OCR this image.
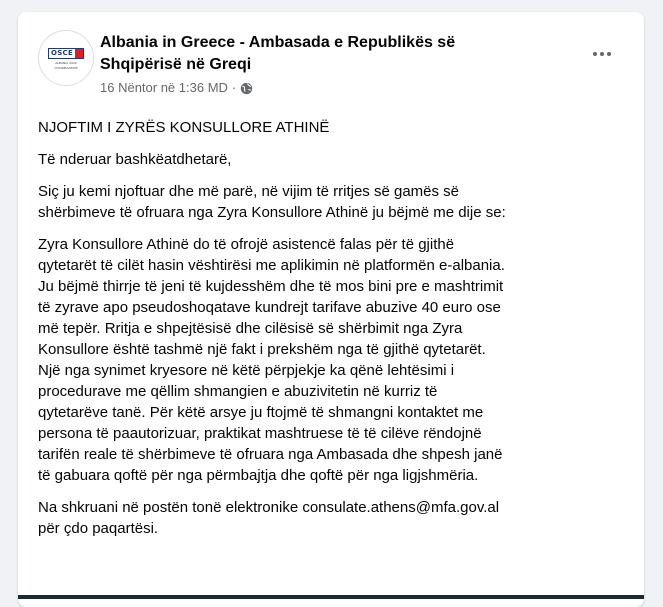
OSCE
ALBANIA 2020 CHAIRMANSHIP
Albania in Greece - Ambasada e Republikës së Shqipërisë në Greqi
16 Nëntor në 1:36 MD ·

NJOFTIM I ZYRËS KONSULLORE ATHINË

Të nderuar bashkëatdhetarë,

Siç ju kemi njoftuar dhe më parë, në vijim të rritjes së gamës së
shërbimeve të ofruara nga Zyra Konsullore Athinë ju bëjmë me dije se:

Zyra Konsullore Athinë do të ofrojë asistencë falas për të gjithë
qytetarët të cilët hasin vështirësi me aplikimin në platformën e-albania.
Ju bëjmë thirrje të jeni të kujdesshëm dhe të mos bini pre e mashtrimit
të zyrave apo pseudoshoqatave kundrejt tarifave abuzive 40 euro ose
më tepër. Rritja e shpejtësisë dhe cilësisë së shërbimit nga Zyra
Konsullore është tashmë një fakt i prekshëm nga të gjithë qytetarët.
Një nga synimet kryesore në këtë përpjekje ka qënë lehtësimi i
procedurave me qëllim shmangien e abuzivitetin në kurriz të
qytetarëve tanë. Për këtë arsye ju ftojmë të shmangni kontaktet me
persona të paautorizuar, praktikat mashtruese të të cilëve rëndojnë
tarifën reale të shërbimeve të ofruara nga Ambasada dhe shpesh janë
të gabuara qoftë për nga përmbajtja dhe qoftë për nga ligjshmëria.

Na shkruani në postën tonë elektronike consulate.athens@mfa.gov.al
për çdo paqartësi.
